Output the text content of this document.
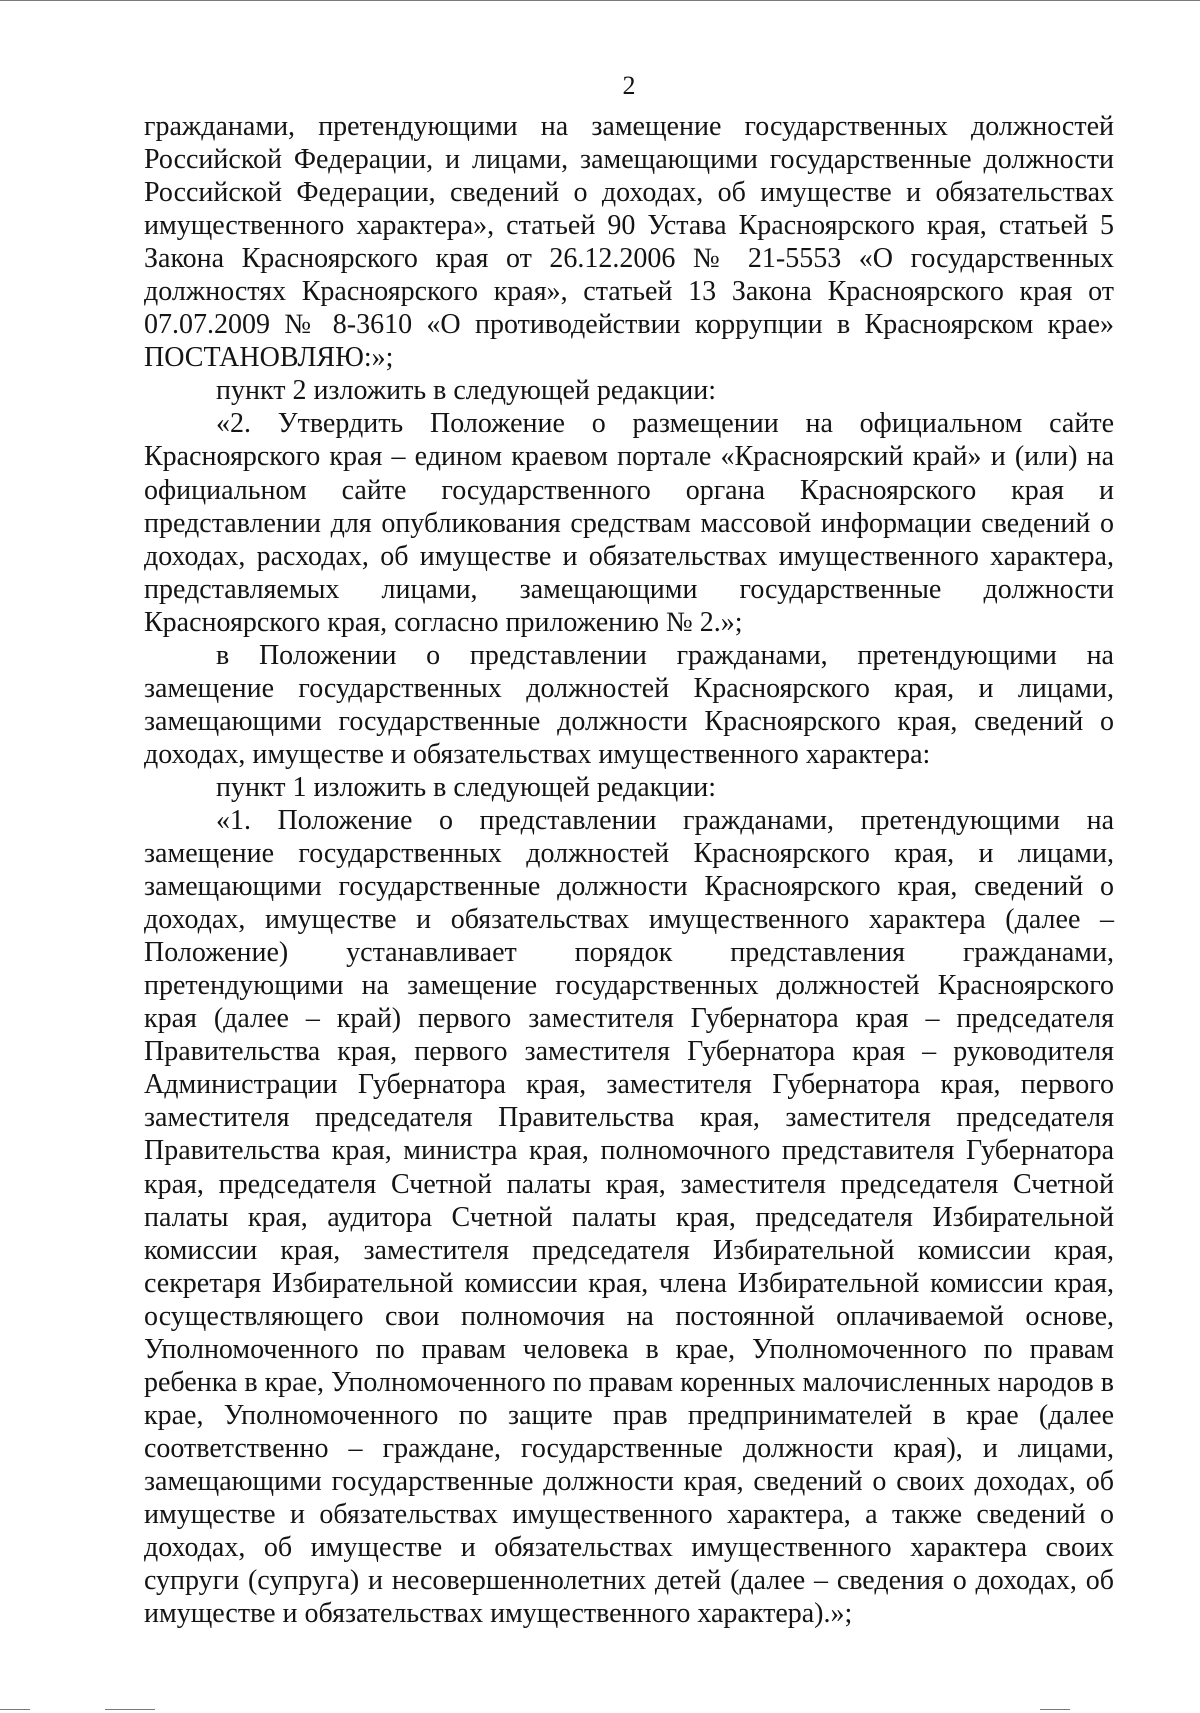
2

гражданами, претендующими на замещение государственных должностей Российской Федерации, и лицами, замещающими государственные должности Российской Федерации, сведений о доходах, об имуществе и обязательствах имущественного характера», статьей 90 Устава Красноярского края, статьей 5 Закона Красноярского края от 26.12.2006 № 21-5553 «О государственных должностях Красноярского края», статьей 13 Закона Красноярского края от 07.07.2009 № 8-3610 «О противодействии коррупции в Красноярском крае» ПОСТАНОВЛЯЮ:»;

пункт 2 изложить в следующей редакции:

«2. Утвердить Положение о размещении на официальном сайте Красноярского края – едином краевом портале «Красноярский край» и (или) на официальном сайте государственного органа Красноярского края и представлении для опубликования средствам массовой информации сведений о доходах, расходах, об имуществе и обязательствах имущественного характера, представляемых лицами, замещающими государственные должности Красноярского края, согласно приложению № 2.»;

в Положении о представлении гражданами, претендующими на замещение государственных должностей Красноярского края, и лицами, замещающими государственные должности Красноярского края, сведений о доходах, имуществе и обязательствах имущественного характера:

пункт 1 изложить в следующей редакции:

«1. Положение о представлении гражданами, претендующими на замещение государственных должностей Красноярского края, и лицами, замещающими государственные должности Красноярского края, сведений о доходах, имуществе и обязательствах имущественного характера (далее – Положение) устанавливает порядок представления гражданами, претендующими на замещение государственных должностей Красноярского края (далее – край) первого заместителя Губернатора края – председателя Правительства края, первого заместителя Губернатора края – руководителя Администрации Губернатора края, заместителя Губернатора края, первого заместителя председателя Правительства края, заместителя председателя Правительства края, министра края, полномочного представителя Губернатора края, председателя Счетной палаты края, заместителя председателя Счетной палаты края, аудитора Счетной палаты края, председателя Избирательной комиссии края, заместителя председателя Избирательной комиссии края, секретаря Избирательной комиссии края, члена Избирательной комиссии края, осуществляющего свои полномочия на постоянной оплачиваемой основе, Уполномоченного по правам человека в крае, Уполномоченного по правам ребенка в крае, Уполномоченного по правам коренных малочисленных народов в крае, Уполномоченного по защите прав предпринимателей в крае (далее соответственно – граждане, государственные должности края), и лицами, замещающими государственные должности края, сведений о своих доходах, об имуществе и обязательствах имущественного характера, а также сведений о доходах, об имуществе и обязательствах имущественного характера своих супруги (супруга) и несовершеннолетних детей (далее – сведения о доходах, об имуществе и обязательствах имущественного характера).»;
